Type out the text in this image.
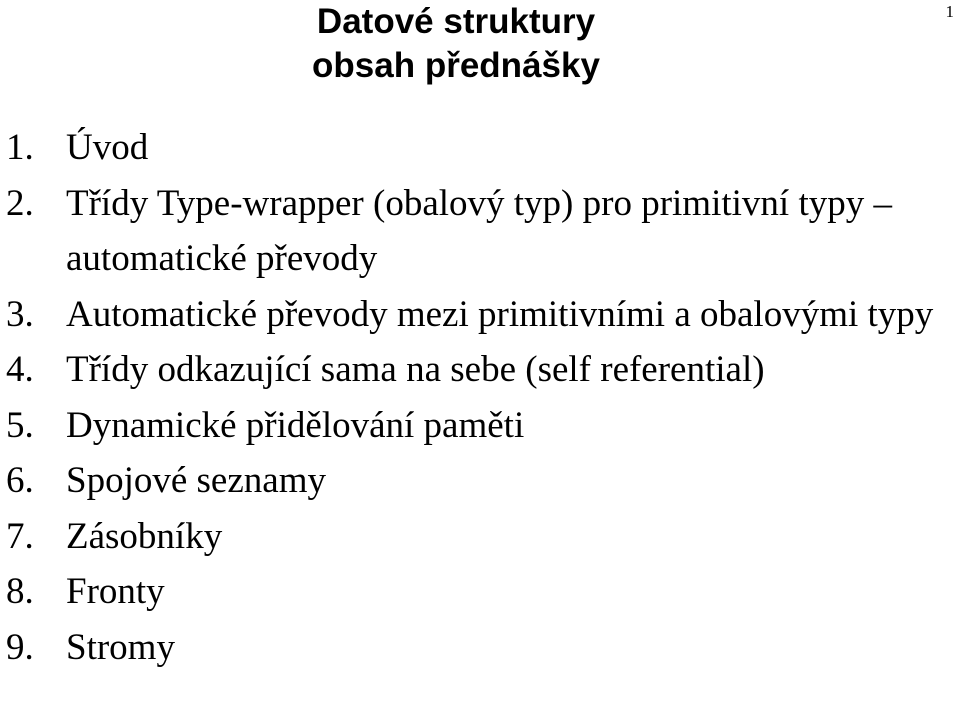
1
Datové struktury
obsah přednášky
1. Úvod
2. Třídy Type-wrapper (obalový typ) pro primitivní typy – automatické převody
3. Automatické převody mezi primitivními a obalovými typy
4. Třídy odkazující sama na sebe (self referential)
5. Dynamické přidělování paměti
6. Spojové seznamy
7. Zásobníky
8. Fronty
9. Stromy
